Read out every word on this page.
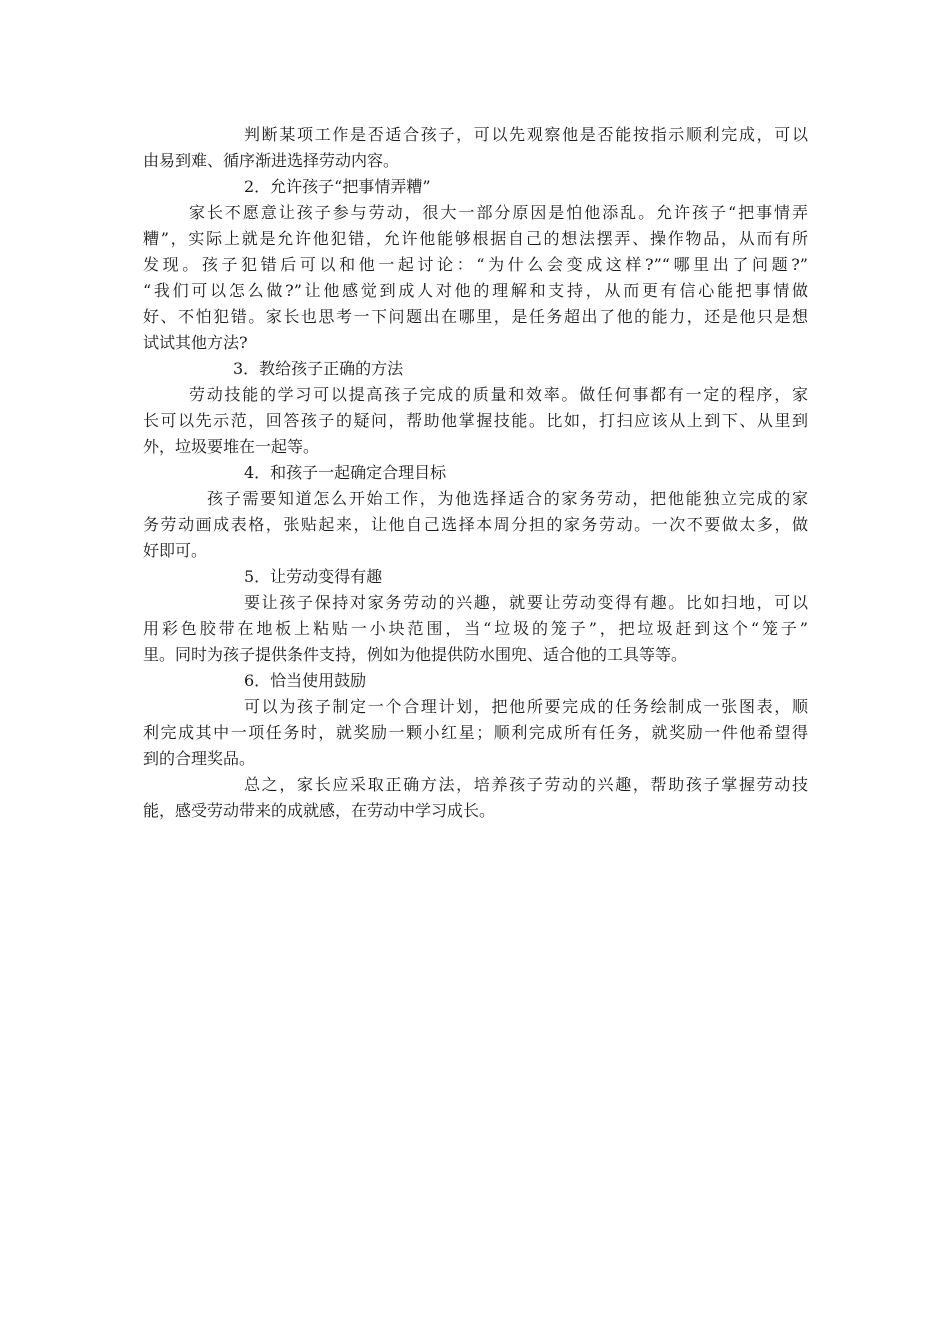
判断某项工作是否适合孩子，可以先观察他是否能按指示顺利完成，可以
由易到难、循序渐进选择劳动内容。
2．允许孩子“把事情弄糟”
家长不愿意让孩子参与劳动，很大一部分原因是怕他添乱。允许孩子“把事情弄
糟”，实际上就是允许他犯错，允许他能够根据自己的想法摆弄、操作物品，从而有所
发现。孩子犯错后可以和他一起讨论：“为什么会变成这样?”“哪里出了问题?”
“我们可以怎么做?”让他感觉到成人对他的理解和支持，从而更有信心能把事情做
好、不怕犯错。家长也思考一下问题出在哪里，是任务超出了他的能力，还是他只是想
试试其他方法?
3．教给孩子正确的方法
劳动技能的学习可以提高孩子完成的质量和效率。做任何事都有一定的程序，家
长可以先示范，回答孩子的疑问，帮助他掌握技能。比如，打扫应该从上到下、从里到
外，垃圾要堆在一起等。
4．和孩子一起确定合理目标
孩子需要知道怎么开始工作，为他选择适合的家务劳动，把他能独立完成的家
务劳动画成表格，张贴起来，让他自己选择本周分担的家务劳动。一次不要做太多，做
好即可。
5．让劳动变得有趣
要让孩子保持对家务劳动的兴趣，就要让劳动变得有趣。比如扫地，可以
用彩色胶带在地板上粘贴一小块范围，当“垃圾的笼子”，把垃圾赶到这个“笼子”
里。同时为孩子提供条件支持，例如为他提供防水围兜、适合他的工具等等。
6．恰当使用鼓励
可以为孩子制定一个合理计划，把他所要完成的任务绘制成一张图表，顺
利完成其中一项任务时，就奖励一颗小红星；顺利完成所有任务，就奖励一件他希望得
到的合理奖品。
总之，家长应采取正确方法，培养孩子劳动的兴趣，帮助孩子掌握劳动技
能，感受劳动带来的成就感，在劳动中学习成长。
